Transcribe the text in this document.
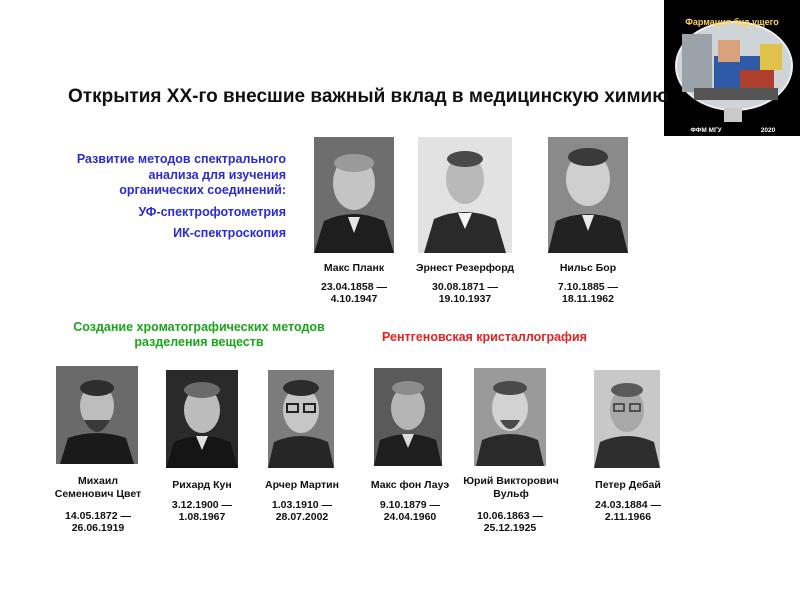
Фармация буд ущего
ФФМ МГУ	2020
Открытия XX-го внесшие важный вклад в медицинскую химию
Развитие методов спектрального
анализа для изучения
органических соединений:
УФ-спектрофотометрия
ИК-спектроскопия
Создание хроматографических методов
разделения веществ	Рентгеновская кристаллография
Макс Планк
23.04.1858 —
4.10.1947
Эрнест Резерфорд
30.08.1871 —
19.10.1937
Нильс Бор
7.10.1885 —
18.11.1962
Михаил
Семенович Цвет
14.05.1872 —
26.06.1919
Рихард Кун
3.12.1900 —
1.08.1967
Арчер Мартин
1.03.1910 —
28.07.2002
Макс фон Лауэ
9.10.1879 —
24.04.1960
Юрий Викторович
Вульф
10.06.1863 —
25.12.1925
Петер Дебай
24.03.1884 —
2.11.1966
